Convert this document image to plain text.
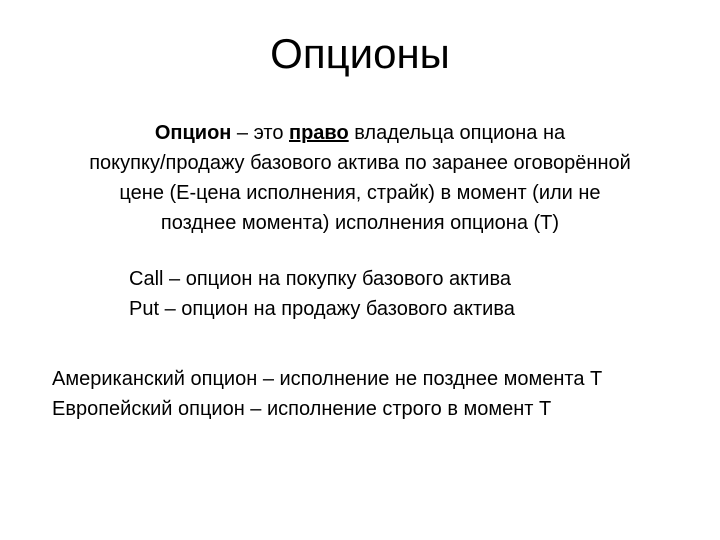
Опционы
Опцион – это право владельца опциона на
покупку/продажу базового актива по заранее оговорённой
цене (Е-цена исполнения, страйк) в момент (или не
позднее момента) исполнения опциона (Т)
Call – опцион на покупку базового актива
Put – опцион на продажу базового актива
Американский опцион – исполнение не позднее момента Т
Европейский опцион – исполнение строго в момент Т
